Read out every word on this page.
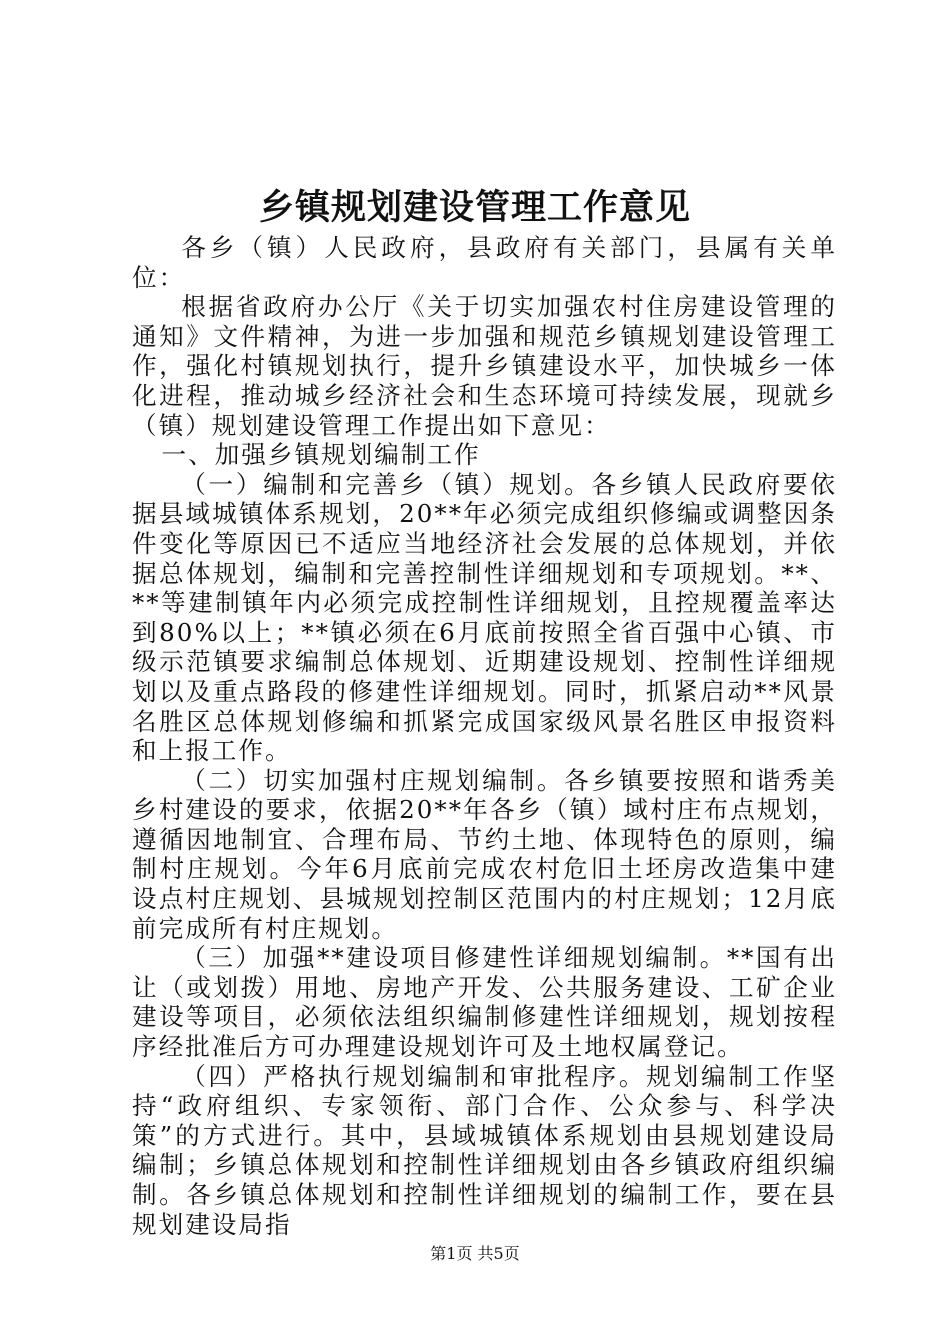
乡镇规划建设管理工作意见

各乡（镇）人民政府，县政府有关部门，县属有关单位：

根据省政府办公厅《关于切实加强农村住房建设管理的通知》文件精神，为进一步加强和规范乡镇规划建设管理工作，强化村镇规划执行，提升乡镇建设水平，加快城乡一体化进程，推动城乡经济社会和生态环境可持续发展，现就乡（镇）规划建设管理工作提出如下意见：

一、加强乡镇规划编制工作

（一）编制和完善乡（镇）规划。各乡镇人民政府要依据县域城镇体系规划，20**年必须完成组织修编或调整因条件变化等原因已不适应当地经济社会发展的总体规划，并依据总体规划，编制和完善控制性详细规划和专项规划。**、**等建制镇年内必须完成控制性详细规划，且控规覆盖率达到80%以上；**镇必须在6月底前按照全省百强中心镇、市级示范镇要求编制总体规划、近期建设规划、控制性详细规划以及重点路段的修建性详细规划。同时，抓紧启动**风景名胜区总体规划修编和抓紧完成国家级风景名胜区申报资料和上报工作。

（二）切实加强村庄规划编制。各乡镇要按照和谐秀美乡村建设的要求，依据20**年各乡（镇）域村庄布点规划，遵循因地制宜、合理布局、节约土地、体现特色的原则，编制村庄规划。今年6月底前完成农村危旧土坯房改造集中建设点村庄规划、县城规划控制区范围内的村庄规划；12月底前完成所有村庄规划。

（三）加强**建设项目修建性详细规划编制。**国有出让（或划拨）用地、房地产开发、公共服务建设、工矿企业建设等项目，必须依法组织编制修建性详细规划，规划按程序经批准后方可办理建设规划许可及土地权属登记。

（四）严格执行规划编制和审批程序。规划编制工作坚持“政府组织、专家领衔、部门合作、公众参与、科学决策”的方式进行。其中，县域城镇体系规划由县规划建设局编制；乡镇总体规划和控制性详细规划由各乡镇政府组织编制。各乡镇总体规划和控制性详细规划的编制工作，要在县规划建设局指

第1页 共5页
